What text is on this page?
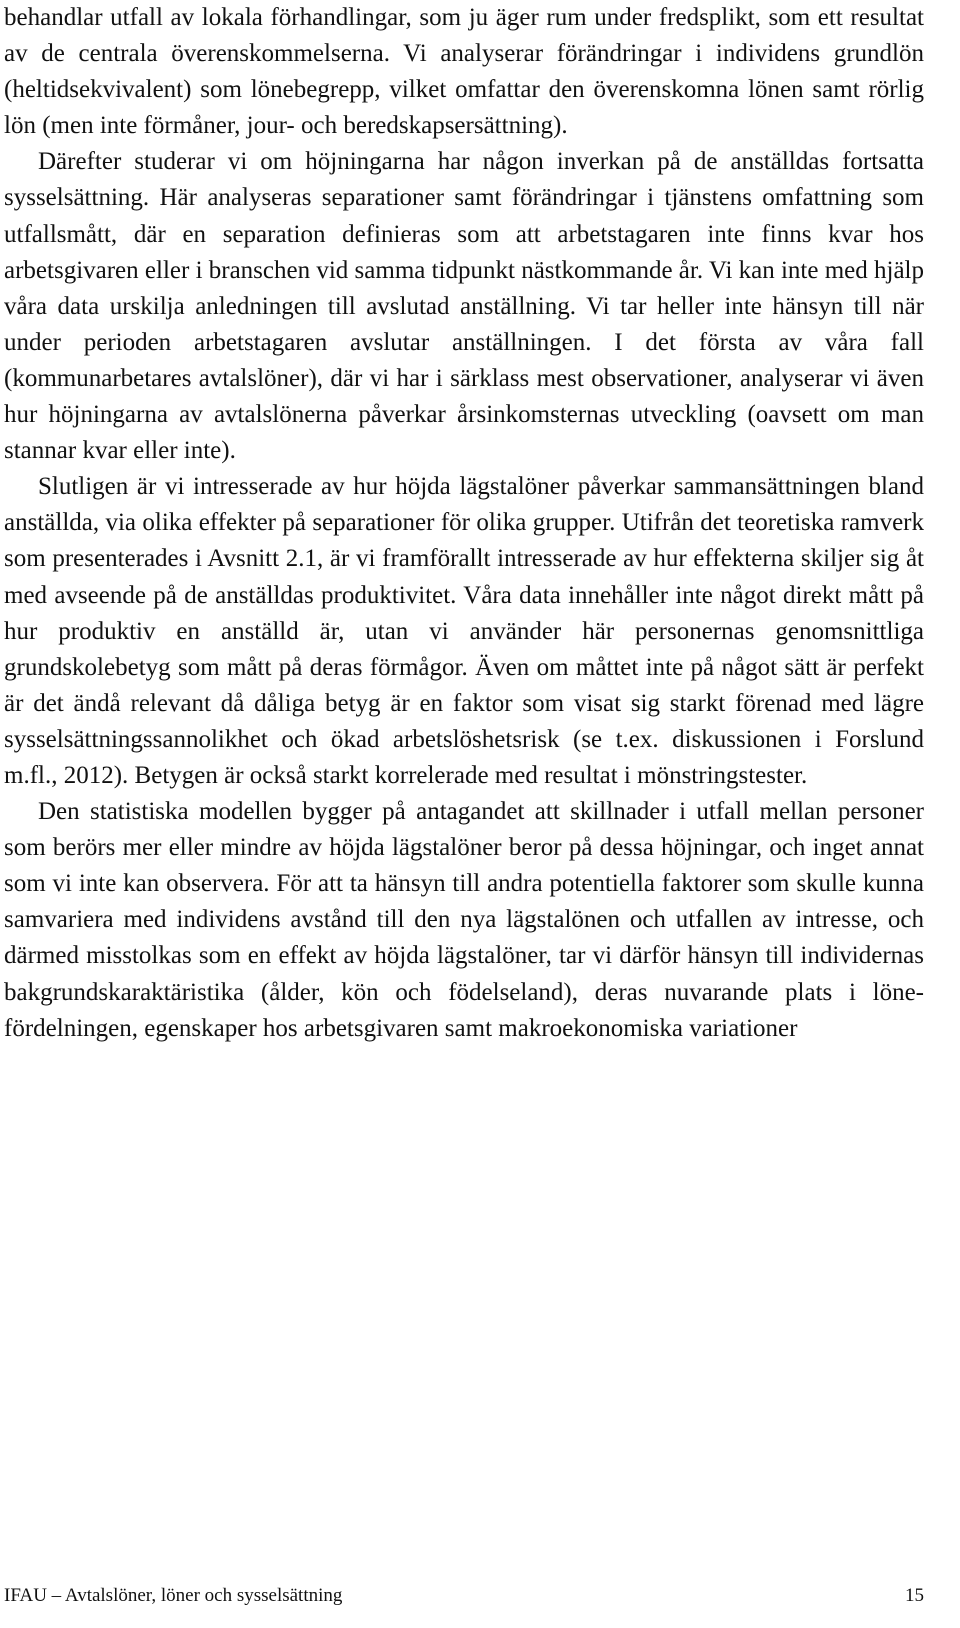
behandlar utfall av lokala förhandlingar, som ju äger rum under fredsplikt, som ett resultat av de centrala överenskommelserna. Vi analyserar förändringar i individens grundlön (heltidsekvivalent) som lönebegrepp, vilket omfattar den överenskomna lönen samt rörlig lön (men inte förmåner, jour- och beredskapsersättning).

Därefter studerar vi om höjningarna har någon inverkan på de anställdas fortsatta sysselsättning. Här analyseras separationer samt förändringar i tjänstens omfattning som utfallsmått, där en separation definieras som att arbetstagaren inte finns kvar hos arbetsgivaren eller i branschen vid samma tidpunkt nästkommande år. Vi kan inte med hjälp våra data urskilja anledningen till avslutad anställning. Vi tar heller inte hänsyn till när under perioden arbetstagaren avslutar anställningen. I det första av våra fall (kommunarbetares avtalslöner), där vi har i särklass mest observationer, analyserar vi även hur höjningarna av avtalslönerna påverkar årsinkomsternas utveckling (oavsett om man stannar kvar eller inte).

Slutligen är vi intresserade av hur höjda lägstalöner påverkar sammansättningen bland anställda, via olika effekter på separationer för olika grupper. Utifrån det teoretiska ramverk som presenterades i Avsnitt 2.1, är vi framförallt intresserade av hur effekterna skiljer sig åt med avseende på de anställdas produktivitet. Våra data innehåller inte något direkt mått på hur produktiv en anställd är, utan vi använder här personernas genomsnittliga grundskolebetyg som mått på deras förmågor. Även om måttet inte på något sätt är perfekt är det ändå relevant då dåliga betyg är en faktor som visat sig starkt förenad med lägre sysselsättningssannolikhet och ökad arbetslöshetsrisk (se t.ex. diskussionen i Forslund m.fl., 2012). Betygen är också starkt korrelerade med resultat i mönstringstester.

Den statistiska modellen bygger på antagandet att skillnader i utfall mellan personer som berörs mer eller mindre av höjda lägstalöner beror på dessa höjningar, och inget annat som vi inte kan observera. För att ta hänsyn till andra potentiella faktorer som skulle kunna samvariera med individens avstånd till den nya lägstalönen och utfallen av intresse, och därmed misstolkas som en effekt av höjda lägstalöner, tar vi därför hänsyn till individernas bakgrundskaraktäristika (ålder, kön och födelseland), deras nuvarande plats i lönefördelningen, egenskaper hos arbetsgivaren samt makroekonomiska variationer

IFAU – Avtalslöner, löner och sysselsättning	15
